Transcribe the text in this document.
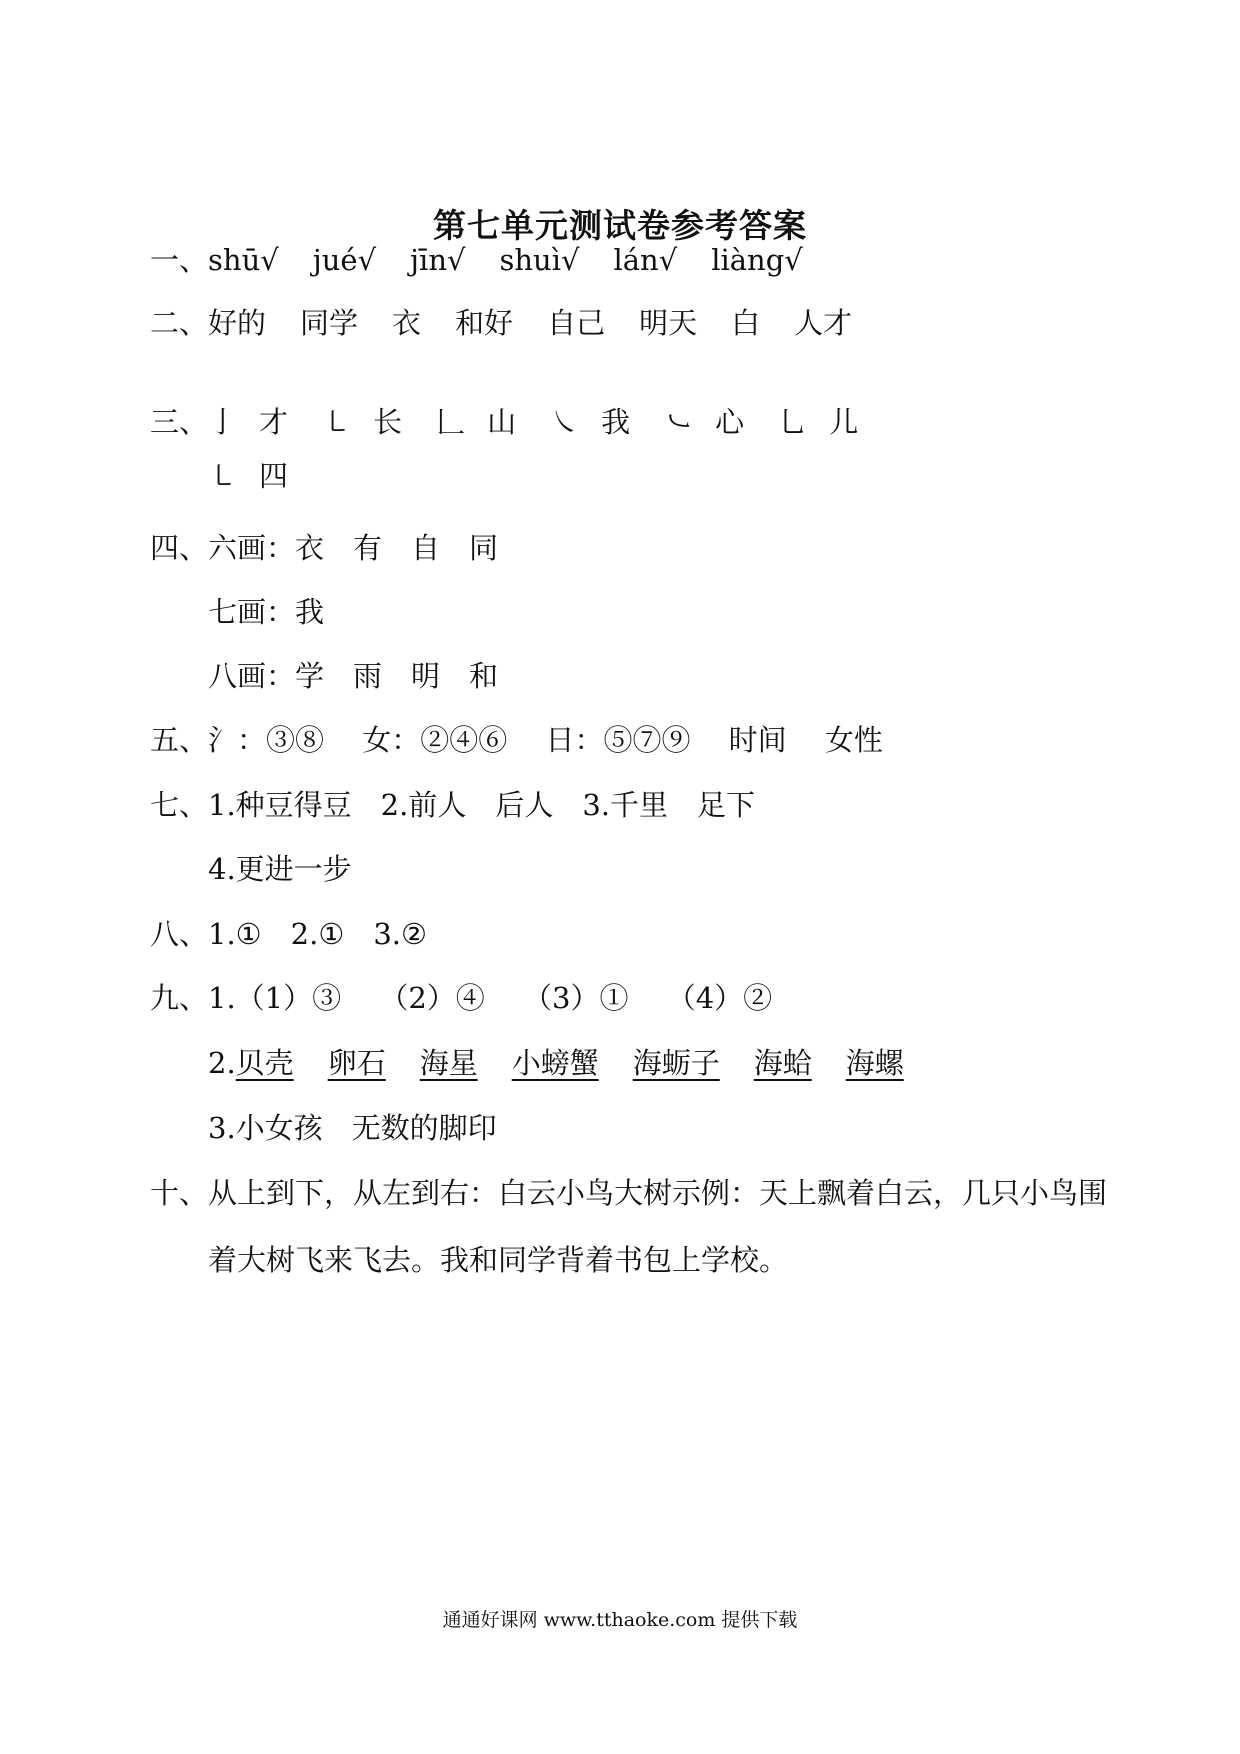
第七单元测试卷参考答案
一、shū√ jué√ jīn√ shuì√ lán√ liàng√
二、好的 同学 衣 和好 自己 明天 白 人才
三、亅 才 ㇄ 长 𠃊 山 ㇏ 我 ㇃ 心 乚 儿
㇄ 四
四、六画：衣　有　自　同
七画：我
八画：学　雨　明　和
五、氵：③⑧　 女：②④⑥　 日：⑤⑦⑨　 时间　 女性
七、1.种豆得豆　2.前人　后人　3.千里　足下
4.更进一步
八、1.①　2.①　3.②
九、1.（1）③　 （2）④　 （3）①　 （4）②
2.贝壳 卵石 海星 小螃蟹 海蛎子 海蛤 海螺
3.小女孩　无数的脚印
十、从上到下，从左到右：白云小鸟大树示例：天上飘着白云，几只小鸟围
着大树飞来飞去。我和同学背着书包上学校。
通通好课网 www.tthaoke.com 提供下载
